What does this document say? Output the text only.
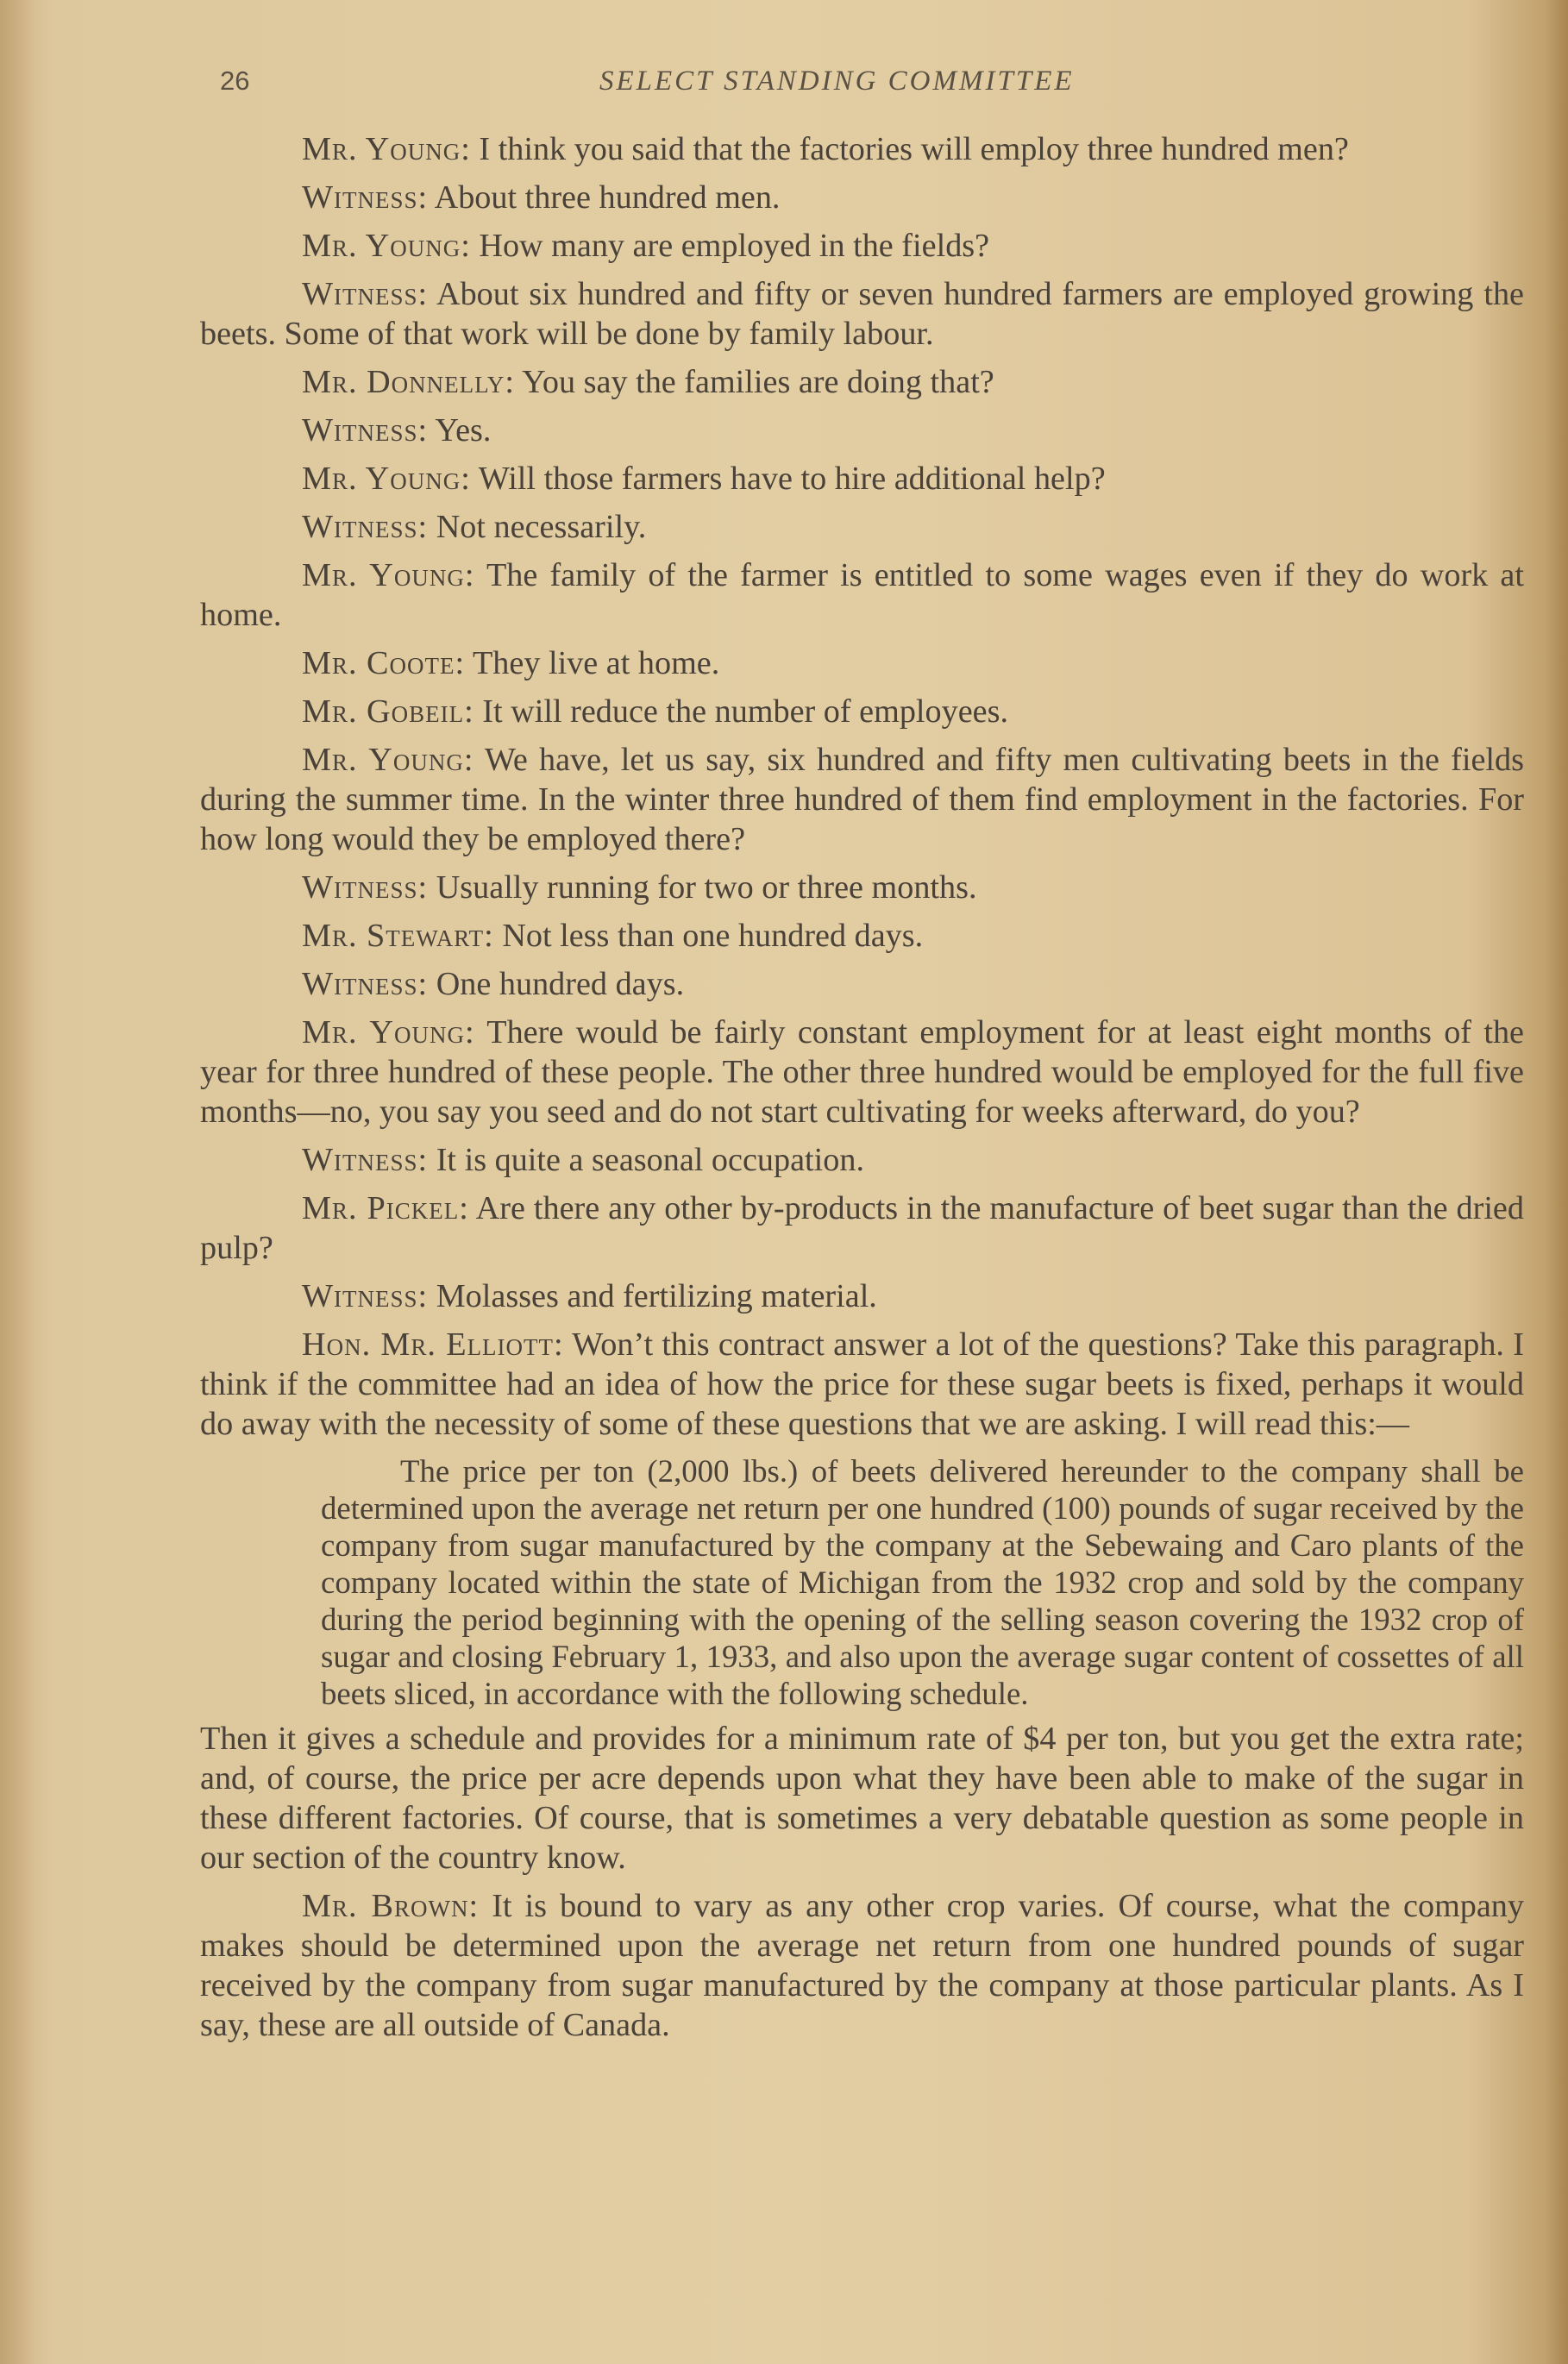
26	SELECT STANDING COMMITTEE

Mr. Young: I think you said that the factories will employ three hundred men?

Witness: About three hundred men.

Mr. Young: How many are employed in the fields?

Witness: About six hundred and fifty or seven hundred farmers are employed growing the beets. Some of that work will be done by family labour.

Mr. Donnelly: You say the families are doing that?

Witness: Yes.

Mr. Young: Will those farmers have to hire additional help?

Witness: Not necessarily.

Mr. Young: The family of the farmer is entitled to some wages even if they do work at home.

Mr. Coote: They live at home.

Mr. Gobeil: It will reduce the number of employees.

Mr. Young: We have, let us say, six hundred and fifty men cultivating beets in the fields during the summer time. In the winter three hundred of them find employment in the factories. For how long would they be employed there?

Witness: Usually running for two or three months.

Mr. Stewart: Not less than one hundred days.

Witness: One hundred days.

Mr. Young: There would be fairly constant employment for at least eight months of the year for three hundred of these people. The other three hundred would be employed for the full five months—no, you say you seed and do not start cultivating for weeks afterward, do you?

Witness: It is quite a seasonal occupation.

Mr. Pickel: Are there any other by-products in the manufacture of beet sugar than the dried pulp?

Witness: Molasses and fertilizing material.

Hon. Mr. Elliott: Won’t this contract answer a lot of the questions? Take this paragraph. I think if the committee had an idea of how the price for these sugar beets is fixed, perhaps it would do away with the necessity of some of these questions that we are asking. I will read this:—

The price per ton (2,000 lbs.) of beets delivered hereunder to the company shall be determined upon the average net return per one hundred (100) pounds of sugar received by the company from sugar manufactured by the company at the Sebewaing and Caro plants of the company located within the state of Michigan from the 1932 crop and sold by the company during the period beginning with the opening of the selling season covering the 1932 crop of sugar and closing February 1, 1933, and also upon the average sugar content of cossettes of all beets sliced, in accordance with the following schedule.

Then it gives a schedule and provides for a minimum rate of $4 per ton, but you get the extra rate; and, of course, the price per acre depends upon what they have been able to make of the sugar in these different factories. Of course, that is sometimes a very debatable question as some people in our section of the country know.

Mr. Brown: It is bound to vary as any other crop varies. Of course, what the company makes should be determined upon the average net return from one hundred pounds of sugar received by the company from sugar manufactured by the company at those particular plants. As I say, these are all outside of Canada.
